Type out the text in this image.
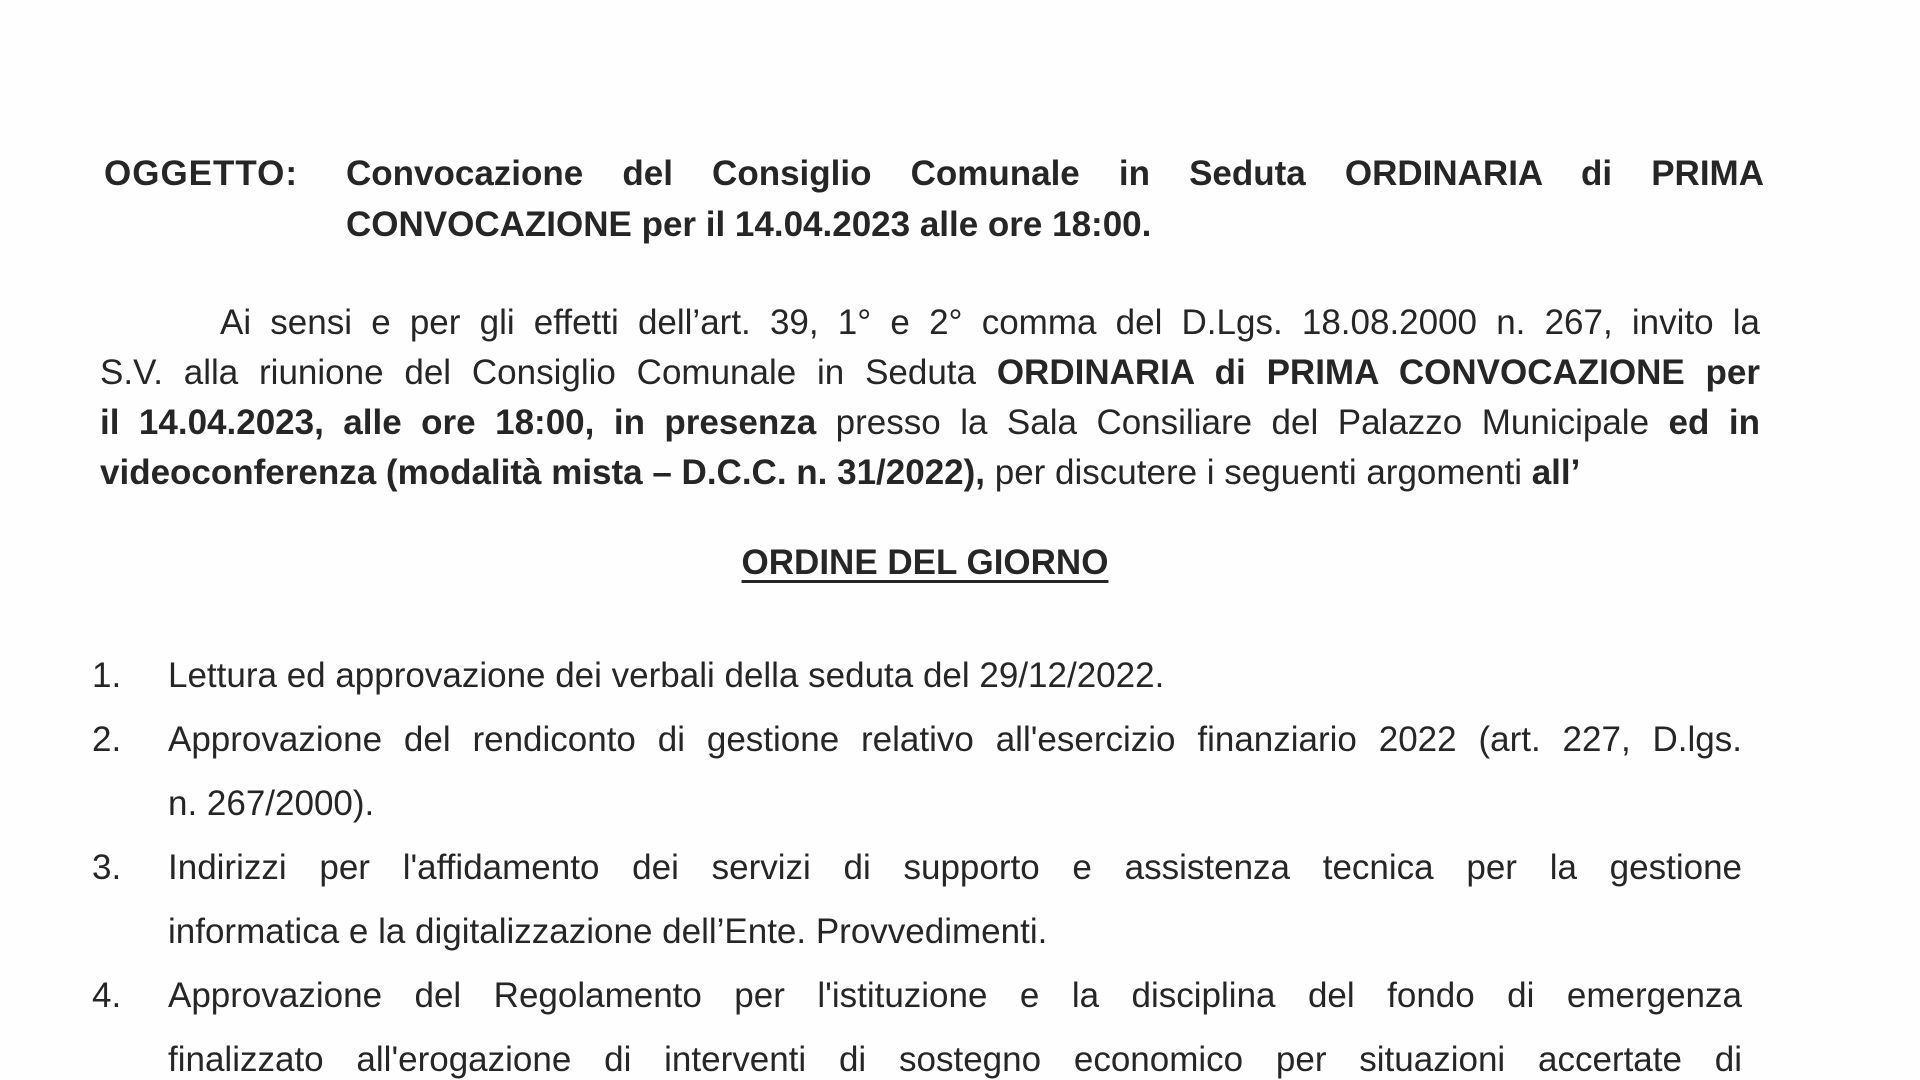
OGGETTO: Convocazione del Consiglio Comunale in Seduta ORDINARIA di PRIMA
CONVOCAZIONE per il 14.04.2023 alle ore 18:00.
Ai sensi e per gli effetti dell’art. 39, 1° e 2° comma del D.Lgs. 18.08.2000 n. 267, invito la
S.V. alla riunione del Consiglio Comunale in Seduta ORDINARIA di PRIMA CONVOCAZIONE per
il 14.04.2023, alle ore 18:00, in presenza presso la Sala Consiliare del Palazzo Municipale ed in
videoconferenza (modalità mista – D.C.C. n. 31/2022), per discutere i seguenti argomenti all’
ORDINE DEL GIORNO
1.	Lettura ed approvazione dei verbali della seduta del 29/12/2022.
2.	Approvazione del rendiconto di gestione relativo all'esercizio finanziario 2022 (art. 227, D.lgs.
n. 267/2000).
3.	Indirizzi per l'affidamento dei servizi di supporto e assistenza tecnica per la gestione
informatica e la digitalizzazione dell’Ente. Provvedimenti.
4.	Approvazione del Regolamento per l'istituzione e la disciplina del fondo di emergenza
finalizzato all'erogazione di interventi di sostegno economico per situazioni accertate di
